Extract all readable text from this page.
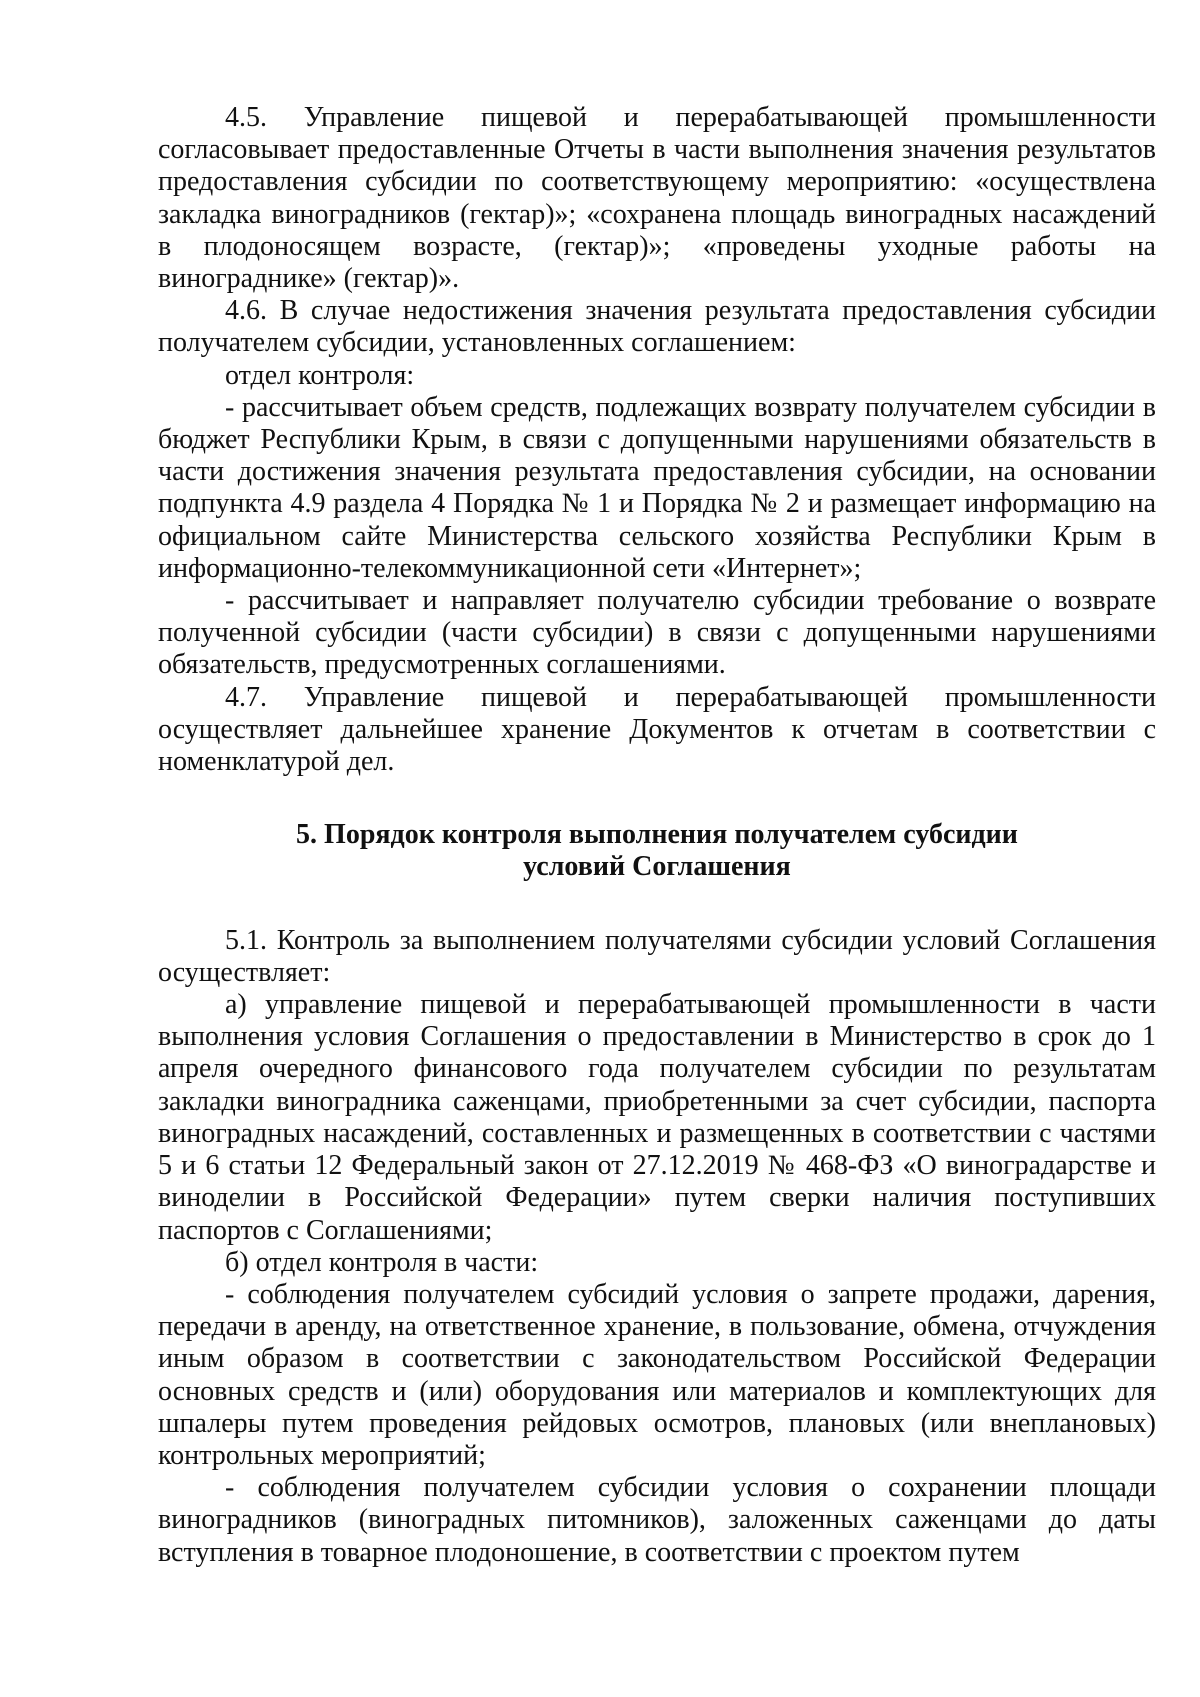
4.5. Управление пищевой и перерабатывающей промышленности согласовывает предоставленные Отчеты в части выполнения значения результатов предоставления субсидии по соответствующему мероприятию: «осуществлена закладка виноградников (гектар)»; «сохранена площадь виноградных насаждений в плодоносящем возрасте, (гектар)»; «проведены уходные работы на винограднике» (гектар)».

4.6. В случае недостижения значения результата предоставления субсидии получателем субсидии, установленных соглашением:

отдел контроля:

- рассчитывает объем средств, подлежащих возврату получателем субсидии в бюджет Республики Крым, в связи с допущенными нарушениями обязательств в части достижения значения результата предоставления субсидии, на основании подпункта 4.9 раздела 4 Порядка № 1 и Порядка № 2 и размещает информацию на официальном сайте Министерства сельского хозяйства Республики Крым в информационно-телекоммуникационной сети «Интернет»;

- рассчитывает и направляет получателю субсидии требование о возврате полученной субсидии (части субсидии) в связи с допущенными нарушениями обязательств, предусмотренных соглашениями.

4.7. Управление пищевой и перерабатывающей промышленности осуществляет дальнейшее хранение Документов к отчетам в соответствии с номенклатурой дел.

5. Порядок контроля выполнения получателем субсидии

условий Соглашения

5.1. Контроль за выполнением получателями субсидии условий Соглашения осуществляет:

а) управление пищевой и перерабатывающей промышленности в части выполнения условия Соглашения о предоставлении в Министерство в срок до 1 апреля очередного финансового года получателем субсидии по результатам закладки виноградника саженцами, приобретенными за счет субсидии, паспорта виноградных насаждений, составленных и размещенных в соответствии с частями 5 и 6 статьи 12 Федеральный закон от 27.12.2019 № 468-ФЗ «О виноградарстве и виноделии в Российской Федерации» путем сверки наличия поступивших паспортов с Соглашениями;

б) отдел контроля в части:

- соблюдения получателем субсидий условия о запрете продажи, дарения, передачи в аренду, на ответственное хранение, в пользование, обмена, отчуждения иным образом в соответствии с законодательством Российской Федерации основных средств и (или) оборудования или материалов и комплектующих для шпалеры путем проведения рейдовых осмотров, плановых (или внеплановых) контрольных мероприятий;

- соблюдения получателем субсидии условия о сохранении площади виноградников (виноградных питомников), заложенных саженцами до даты вступления в товарное плодоношение, в соответствии с проектом путем
